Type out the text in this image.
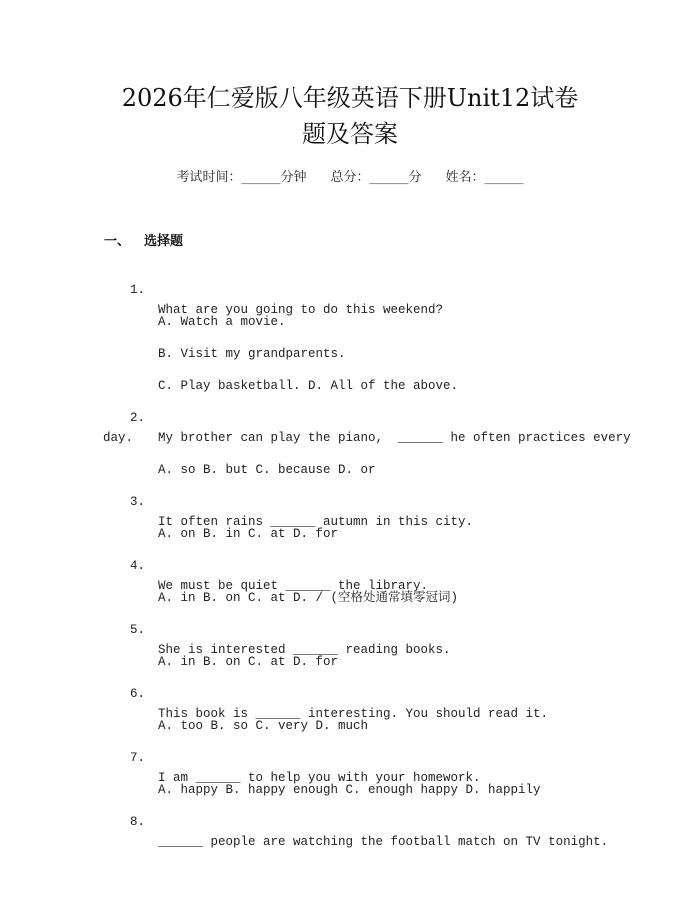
2026年仁爱版八年级英语下册Unit12试卷
题及答案
考试时间：______分钟 总分：______分 姓名：______
一、 选择题

1.

What are you going to do this weekend?

A. Watch a movie.

B. Visit my grandparents.

C. Play basketball. D. All of the above.

2.

My brother can play the piano,  ______ he often practices every

day.

A. so B. but C. because D. or

3.

It often rains ______ autumn in this city.

A. on B. in C. at D. for

4.

We must be quiet ______ the library.

A. in B. on C. at D. / (空格处通常填零冠词)

5.

She is interested ______ reading books.

A. in B. on C. at D. for

6.

This book is ______ interesting. You should read it.

A. too B. so C. very D. much

7.

I am ______ to help you with your homework.

A. happy B. happy enough C. enough happy D. happily

8.

______ people are watching the football match on TV tonight.
